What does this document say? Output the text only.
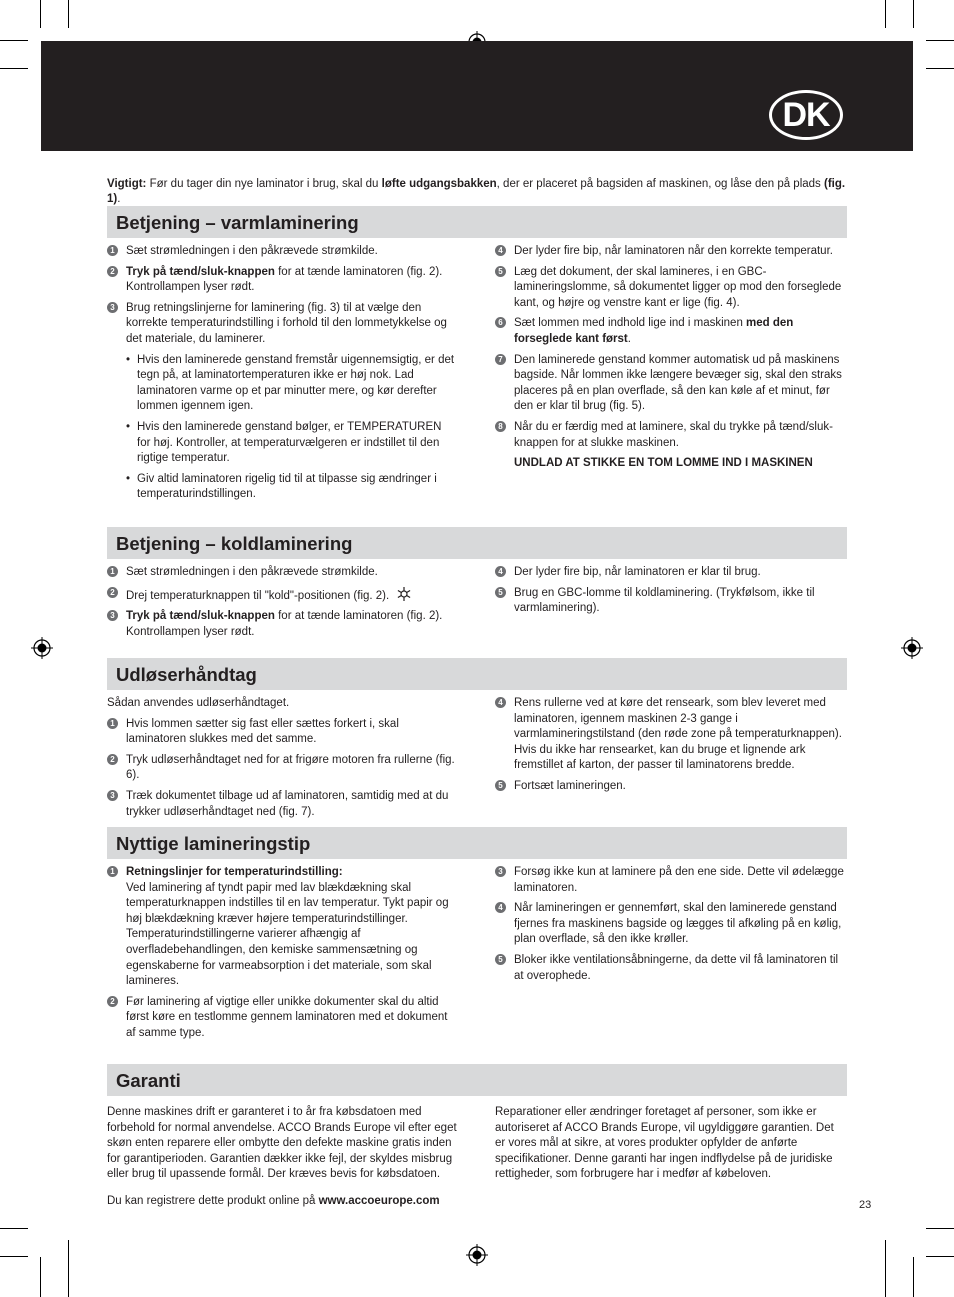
DK
Vigtigt: Før du tager din nye laminator i brug, skal du løfte udgangsbakken, der er placeret på bagsiden af maskinen, og låse den på plads (fig. 1).
Betjening – varmlaminering
1 Sæt strømledningen i den påkrævede strømkilde.
2 Tryk på tænd/sluk-knappen for at tænde laminatoren (fig. 2). Kontrollampen lyser rødt.
3 Brug retningslinjerne for laminering (fig. 3) til at vælge den korrekte temperaturindstilling i forhold til den lommetykkelse og det materiale, du laminerer.
• Hvis den laminerede genstand fremstår uigennemsigtig, er det tegn på, at laminatortemperaturen ikke er høj nok. Lad laminatoren varme op et par minutter mere, og kør derefter lommen igennem igen.
• Hvis den laminerede genstand bølger, er TEMPERATUREN for høj. Kontroller, at temperaturvælgeren er indstillet til den rigtige temperatur.
• Giv altid laminatoren rigelig tid til at tilpasse sig ændringer i temperaturindstillingen.
4 Der lyder fire bip, når laminatoren når den korrekte temperatur.
5 Læg det dokument, der skal lamineres, i en GBC-lamineringslomme, så dokumentet ligger op mod den forseglede kant, og højre og venstre kant er lige (fig. 4).
6 Sæt lommen med indhold lige ind i maskinen med den forseglede kant først.
7 Den laminerede genstand kommer automatisk ud på maskinens bagside. Når lommen ikke længere bevæger sig, skal den straks placeres på en plan overflade, så den kan køle af et minut, før den er klar til brug (fig. 5).
8 Når du er færdig med at laminere, skal du trykke på tænd/sluk-knappen for at slukke maskinen.
UNDLAD AT STIKKE EN TOM LOMME IND I MASKINEN
Betjening – koldlaminering
1 Sæt strømledningen i den påkrævede strømkilde.
2 Drej temperaturknappen til "kold"-positionen (fig. 2).
3 Tryk på tænd/sluk-knappen for at tænde laminatoren (fig. 2). Kontrollampen lyser rødt.
4 Der lyder fire bip, når laminatoren er klar til brug.
5 Brug en GBC-lomme til koldlaminering. (Trykfølsom, ikke til varmlaminering).
Udløserhåndtag
Sådan anvendes udløserhåndtaget.
1 Hvis lommen sætter sig fast eller sættes forkert i, skal laminatoren slukkes med det samme.
2 Tryk udløserhåndtaget ned for at frigøre motoren fra rullerne (fig. 6).
3 Træk dokumentet tilbage ud af laminatoren, samtidig med at du trykker udløserhåndtaget ned (fig. 7).
4 Rens rullerne ved at køre det renseark, som blev leveret med laminatoren, igennem maskinen 2-3 gange i varmlamineringstilstand (den røde zone på temperaturknappen). Hvis du ikke har rensearket, kan du bruge et lignende ark fremstillet af karton, der passer til laminatorens bredde.
5 Fortsæt lamineringen.
Nyttige lamineringstip
1 Retningslinjer for temperaturindstilling:
Ved laminering af tyndt papir med lav blækdækning skal temperaturknappen indstilles til en lav temperatur. Tykt papir og høj blækdækning kræver højere temperaturindstillinger. Temperaturindstillingerne varierer afhængig af overfladebehandlingen, den kemiske sammensætning og egenskaberne for varmeabsorption i det materiale, som skal lamineres.
2 Før laminering af vigtige eller unikke dokumenter skal du altid først køre en testlomme gennem laminatoren med et dokument af samme type.
3 Forsøg ikke kun at laminere på den ene side. Dette vil ødelægge laminatoren.
4 Når lamineringen er gennemført, skal den laminerede genstand fjernes fra maskinens bagside og lægges til afkøling på en kølig, plan overflade, så den ikke krøller.
5 Bloker ikke ventilationsåbningerne, da dette vil få laminatoren til at overophede.
Garanti
Denne maskines drift er garanteret i to år fra købsdatoen med forbehold for normal anvendelse. ACCO Brands Europe vil efter eget skøn enten reparere eller ombytte den defekte maskine gratis inden for garantiperioden. Garantien dækker ikke fejl, der skyldes misbrug eller brug til upassende formål. Der kræves bevis for købsdatoen.
Du kan registrere dette produkt online på www.accoeurope.com
Reparationer eller ændringer foretaget af personer, som ikke er autoriseret af ACCO Brands Europe, vil ugyldiggøre garantien. Det er vores mål at sikre, at vores produkter opfylder de anførte specifikationer. Denne garanti har ingen indflydelse på de juridiske rettigheder, som forbrugere har i medfør af købeloven.
23
